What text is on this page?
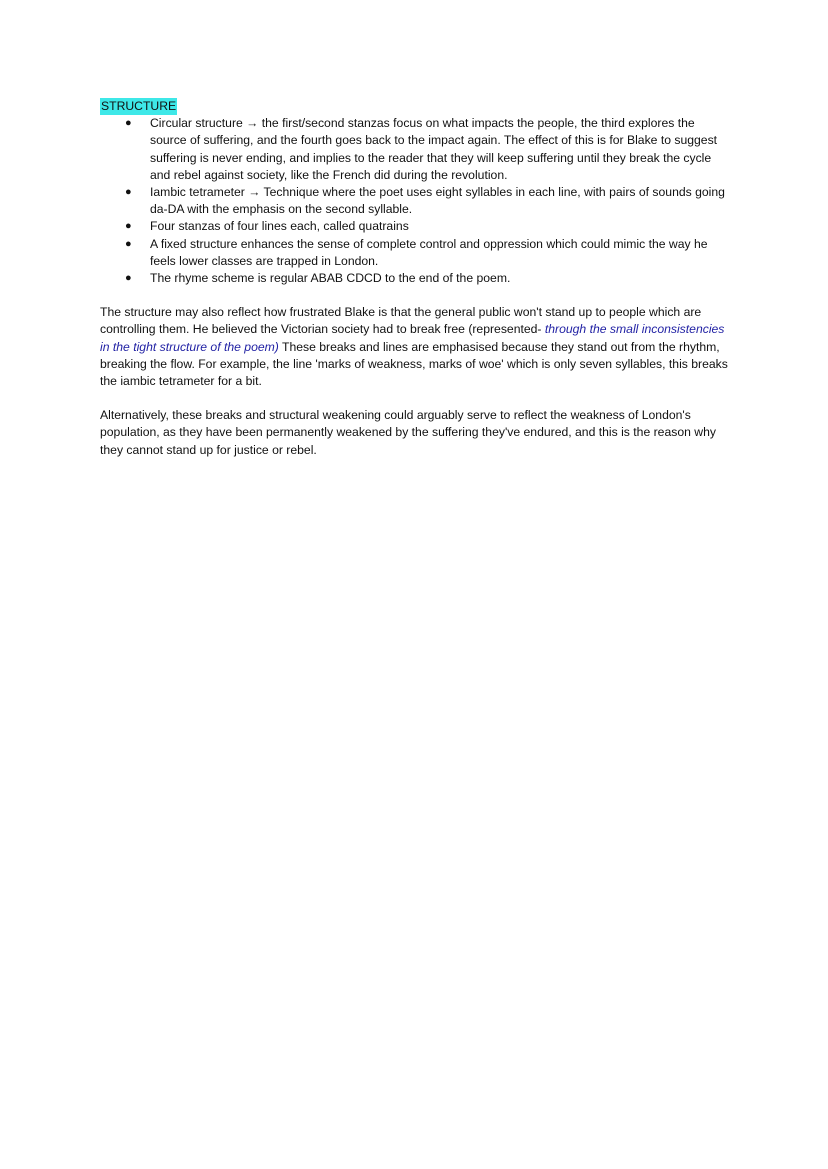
STRUCTURE
● Circular structure → the first/second stanzas focus on what impacts the people, the third explores the source of suffering, and the fourth goes back to the impact again. The effect of this is for Blake to suggest suffering is never ending, and implies to the reader that they will keep suffering until they break the cycle and rebel against society, like the French did during the revolution.
● Iambic tetrameter → Technique where the poet uses eight syllables in each line, with pairs of sounds going da-DA with the emphasis on the second syllable.
● Four stanzas of four lines each, called quatrains
● A fixed structure enhances the sense of complete control and oppression which could mimic the way he feels lower classes are trapped in London.
● The rhyme scheme is regular ABAB CDCD to the end of the poem.

The structure may also reflect how frustrated Blake is that the general public won't stand up to people which are controlling them. He believed the Victorian society had to break free (represented- through the small inconsistencies in the tight structure of the poem) These breaks and lines are emphasised because they stand out from the rhythm, breaking the flow. For example, the line 'marks of weakness, marks of woe' which is only seven syllables, this breaks the iambic tetrameter for a bit.

Alternatively, these breaks and structural weakening could arguably serve to reflect the weakness of London's population, as they have been permanently weakened by the suffering they've endured, and this is the reason why they cannot stand up for justice or rebel.
